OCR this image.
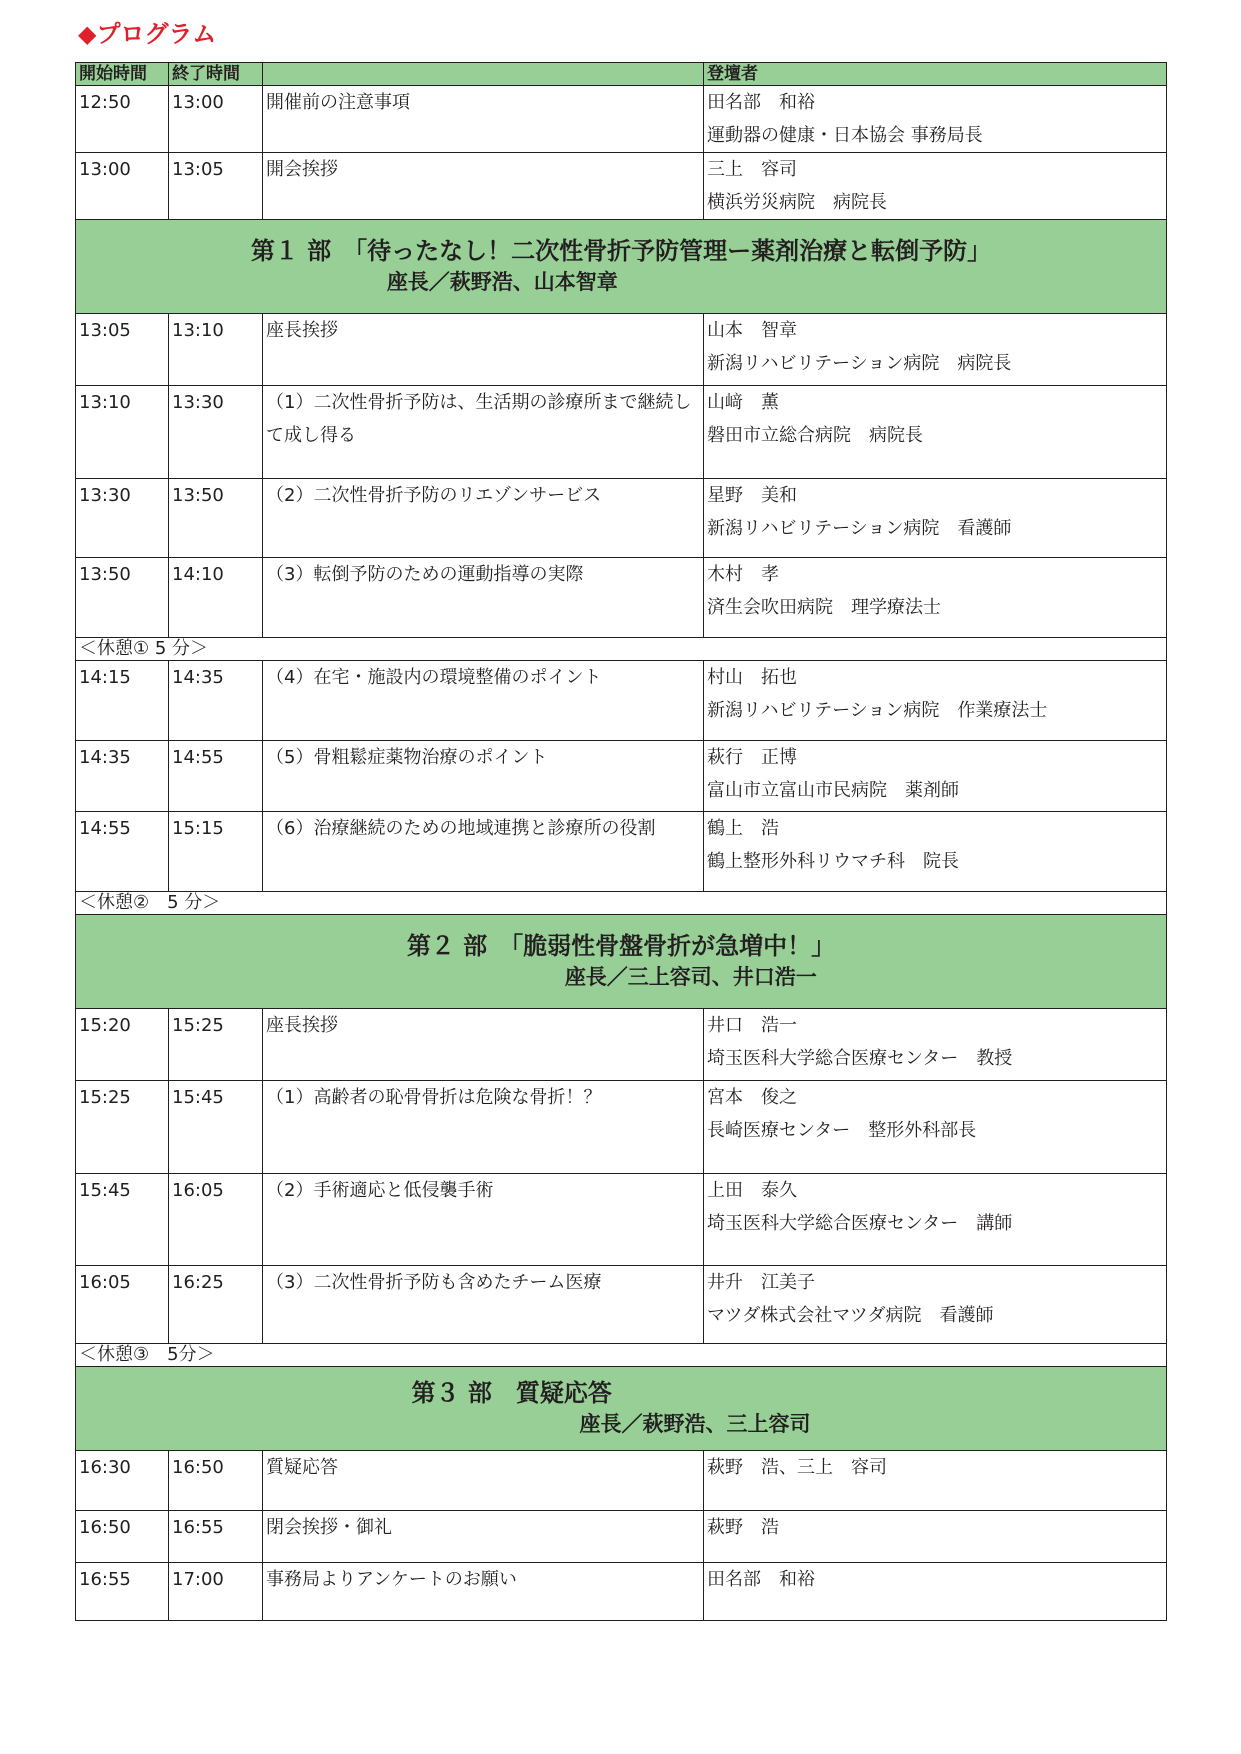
◆プログラム
開始時間	終了時間		登壇者
12:50	13:00	開催前の注意事項	田名部　和裕
運動器の健康・日本協会 事務局長

13:00	13:05	開会挨拶	三上　容司
横浜労災病院　病院長

第１ 部　「待ったなし！二次性骨折予防管理ー薬剤治療と転倒予防」
座長／萩野浩、山本智章			

13:05	13:10	座長挨拶	山本　智章
新潟リハビリテーション病院　病院長

13:10	13:30	（1）二次性骨折予防は、生活期の診療所まで継続して成し得る	山﨑　薫
磐田市立総合病院　病院長

13:30	13:50	（2）二次性骨折予防のリエゾンサービス	星野　美和
新潟リハビリテーション病院　看護師

13:50	14:10	（3）転倒予防のための運動指導の実際	木村　孝
済生会吹田病院　理学療法士

＜休憩① 5 分＞			
14:15	14:35	（4）在宅・施設内の環境整備のポイント	村山　拓也
新潟リハビリテーション病院　作業療法士

14:35	14:55	（5）骨粗鬆症薬物治療のポイント	萩行　正博
富山市立富山市民病院　薬剤師

14:55	15:15	（6）治療継続のための地域連携と診療所の役割	鶴上　浩
鶴上整形外科リウマチ科　院長

＜休憩②　5 分＞			

第２ 部　「脆弱性骨盤骨折が急増中！」
座長／三上容司、井口浩一			

15:20	15:25	座長挨拶	井口　浩一
埼玉医科大学総合医療センター　教授

15:25	15:45	（1）高齢者の恥骨骨折は危険な骨折！？	宮本　俊之
長崎医療センター　整形外科部長

15:45	16:05	（2）手術適応と低侵襲手術	上田　泰久
埼玉医科大学総合医療センター　講師

16:05	16:25	（3）二次性骨折予防も含めたチーム医療	井升　江美子
マツダ株式会社マツダ病院　看護師

＜休憩③　5分＞			

第３ 部　質疑応答
座長／萩野浩、三上容司			

16:30	16:50	質疑応答	萩野　浩、三上　容司
16:50	16:55	閉会挨拶・御礼	萩野　浩
16:55	17:00	事務局よりアンケートのお願い	田名部　和裕
